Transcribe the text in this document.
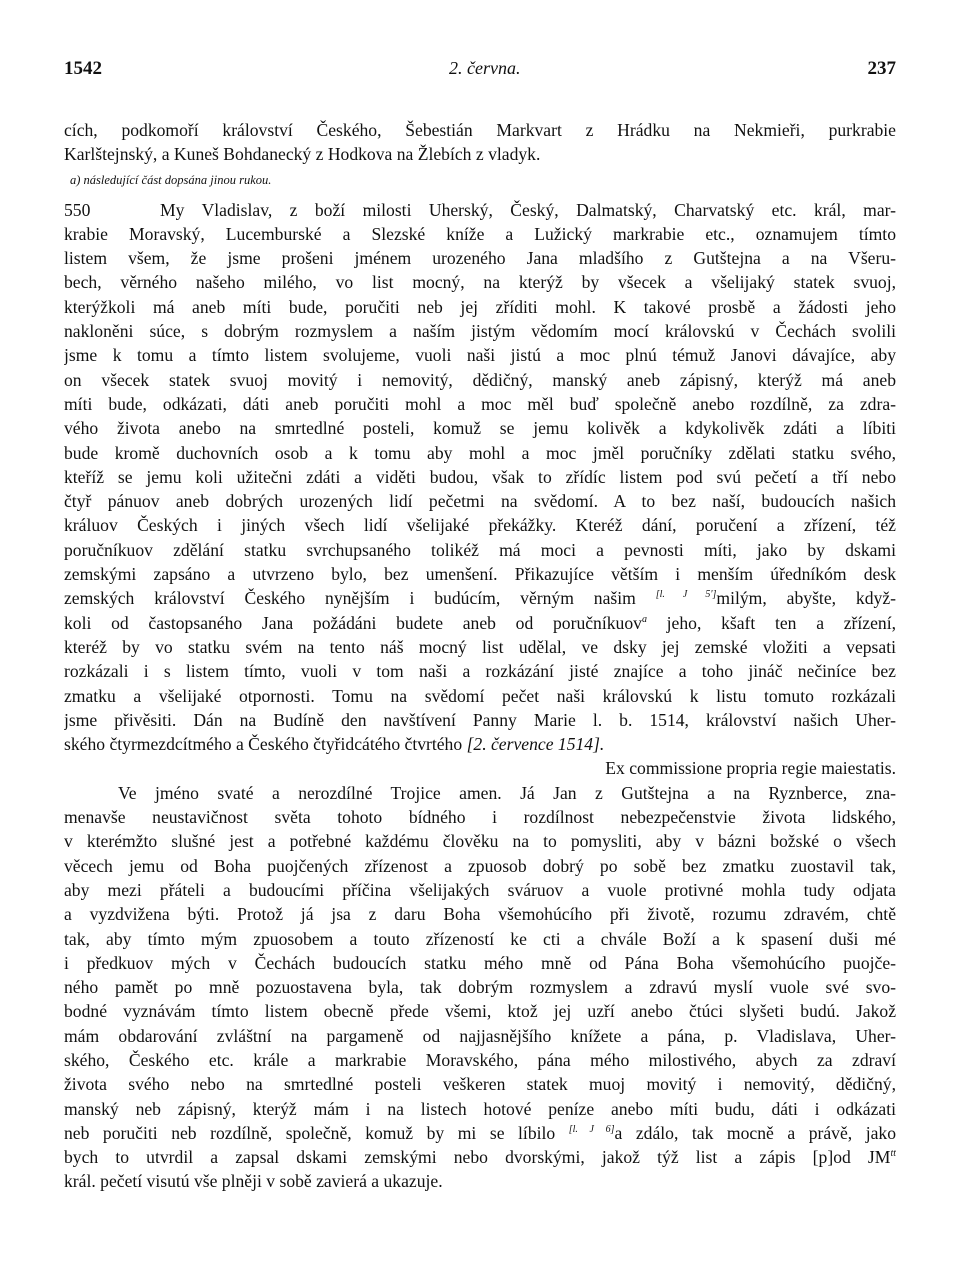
1542	2. června.	237
cích, podkomoří království Českého, Šebestián Markvart z Hrádku na Nekmieři, purkrabie
Karlštejnský, a Kuneš Bohdanecký z Hodkova na Žlebích z vladyk.
a) následující část dopsána jinou rukou.
550	My Vladislav, z boží milosti Uherský, Český, Dalmatský, Charvatský etc. král, mar-
krabie Moravský, Lucemburské a Slezské kníže a Lužický markrabie etc., oznamujem tímto
listem všem, že jsme prošeni jménem urozeného Jana mladšího z Gutštejna a na Všeru-
bech, věrného našeho milého, vo list mocný, na kterýž by všecek a všelijaký statek svuoj,
kterýžkoli má aneb míti bude, poručiti neb jej zříditi mohl. K takové prosbě a žádosti jeho
nakloněni súce, s dobrým rozmyslem a naším jistým vědomím mocí královskú v Čechách svolili
jsme k tomu a tímto listem svolujeme, vuoli naši jistú a moc plnú témuž Janovi dávajíce, aby
on všecek statek svuoj movitý i nemovitý, dědičný, manský aneb zápisný, kterýž má aneb
míti bude, odkázati, dáti aneb poručiti mohl a moc měl buď společně anebo rozdílně, za zdra-
vého života anebo na smrtedlné posteli, komuž se jemu kolivěk a kdykolivěk zdáti a líbiti
bude kromě duchovních osob a k tomu aby mohl a moc jměl poručníky zdělati statku svého,
kteříž se jemu koli užitečni zdáti a viděti budou, však to zřídíc listem pod svú pečetí a tří nebo
čtyř pánuov aneb dobrých urozených lidí pečetmi na svědomí. A to bez naší, budoucích našich
králuov Českých i jiných všech lidí všelijaké překážky. Kteréž dání, poručení a zřízení, též
poručníkuov zdělání statku svrchupsaného tolikéž má moci a pevnosti míti, jako by dskami
zemskými zapsáno a utvrzeno bylo, bez umenšení. Přikazujíce větším i menším úředníkóm desk
zemských království Českého nynějším i budúcím, věrným našim [l. J 5']milým, abyšte, když-
koli od častopsaného Jana požádáni budete aneb od poručníkuov$^a$ jeho, kšaft ten a zřízení,
kteréž by vo statku svém na tento náš mocný list udělal, ve dsky jej zemské vložiti a vepsati
rozkázali i s listem tímto, vuoli v tom naši a rozkázání jisté znajíce a toho jináč nečiníce bez
zmatku a všelijaké otpornosti. Tomu na svědomí pečet naši královskú k listu tomuto rozkázali
jsme přivěsiti. Dán na Budíně den navštívení Panny Marie l. b. 1514, království našich Uher-
ského čtyrmezdcítmého a Českého čtyřidcátého čtvrtého [2. července 1514].
Ex commissione propria regie maiestatis.
Ve jméno svaté a nerozdílné Trojice amen. Já Jan z Gutštejna a na Ryznberce, zna-
menavše neustavičnost světa tohoto bídného i rozdílnost nebezpečenstvie života lidského,
v kterémžto slušné jest a potřebné každému člověku na to pomysliti, aby v bázni božské o všech
věcech jemu od Boha puojčených zřízenost a zpuosob dobrý po sobě bez zmatku zuostavil tak,
aby mezi přáteli a budoucími příčina všelijakých sváruov a vuole protivné mohla tudy odjata
a vyzdvižena býti. Protož já jsa z daru Boha všemohúcího při životě, rozumu zdravém, chtě
tak, aby tímto mým zpuosobem a touto zřízeností ke cti a chvále Boží a k spasení duši mé
i předkuov mých v Čechách budoucích statku mého mně od Pána Boha všemohúcího puojče-
ného pamět po mně pozuostavena byla, tak dobrým rozmyslem a zdravú myslí vuole své svo-
bodné vyznávám tímto listem obecně přede všemi, ktož jej uzří anebo čtúci slyšeti budú. Jakož
mám obdarování zvláštní na pargameně od najjasnějšího knížete a pána, p. Vladislava, Uher-
ského, Českého etc. krále a markrabie Moravského, pána mého milostivého, abych za zdraví
života svého nebo na smrtedlné posteli veškeren statek muoj movitý i nemovitý, dědičný,
manský neb zápisný, kterýž mám i na listech hotové peníze anebo míti budu, dáti i odkázati
neb poručiti neb rozdílně, společně, komuž by mi se líbilo [l. J 6]a zdálo, tak mocně a právě, jako
bych to utvrdil a zapsal dskami zemskými nebo dvorskými, jakož týž list a zápis [p]od $JM^{tt}$
král. pečetí visutú vše plněji v sobě zavierá a ukazuje.
